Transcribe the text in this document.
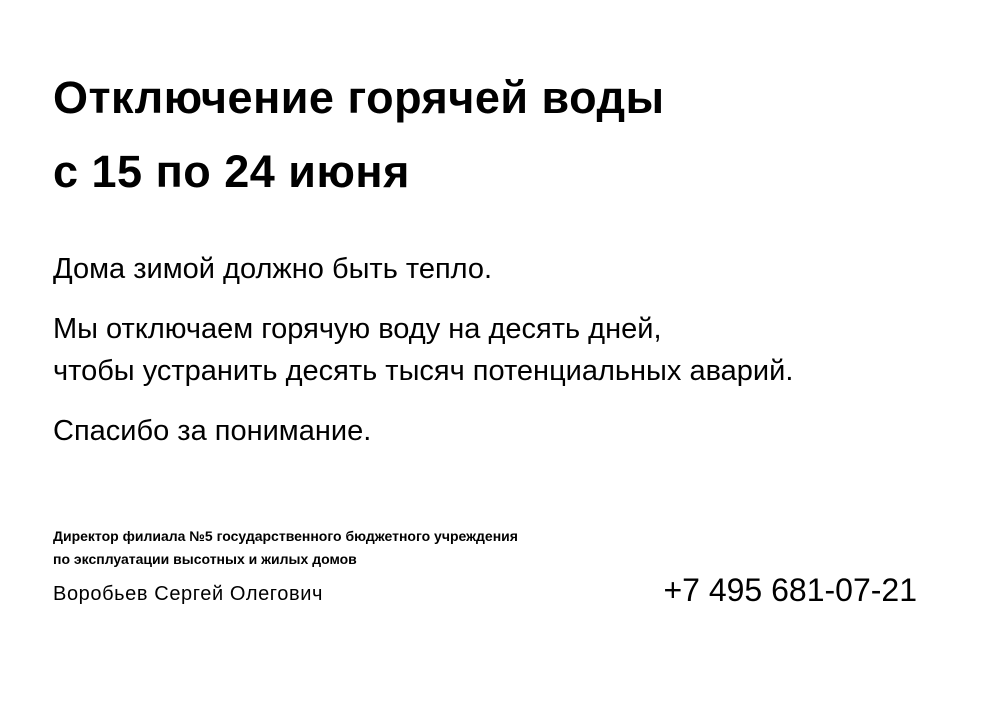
Отключение горячей воды
с 15 по 24 июня

Дома зимой должно быть тепло.

Мы отключаем горячую воду на десять дней,
чтобы устранить десять тысяч потенциальных аварий.

Спасибо за понимание.

Директор филиала №5 государственного бюджетного учреждения
по эксплуатации высотных и жилых домов
Воробьев Сергей Олегович	+7 495 681-07-21
